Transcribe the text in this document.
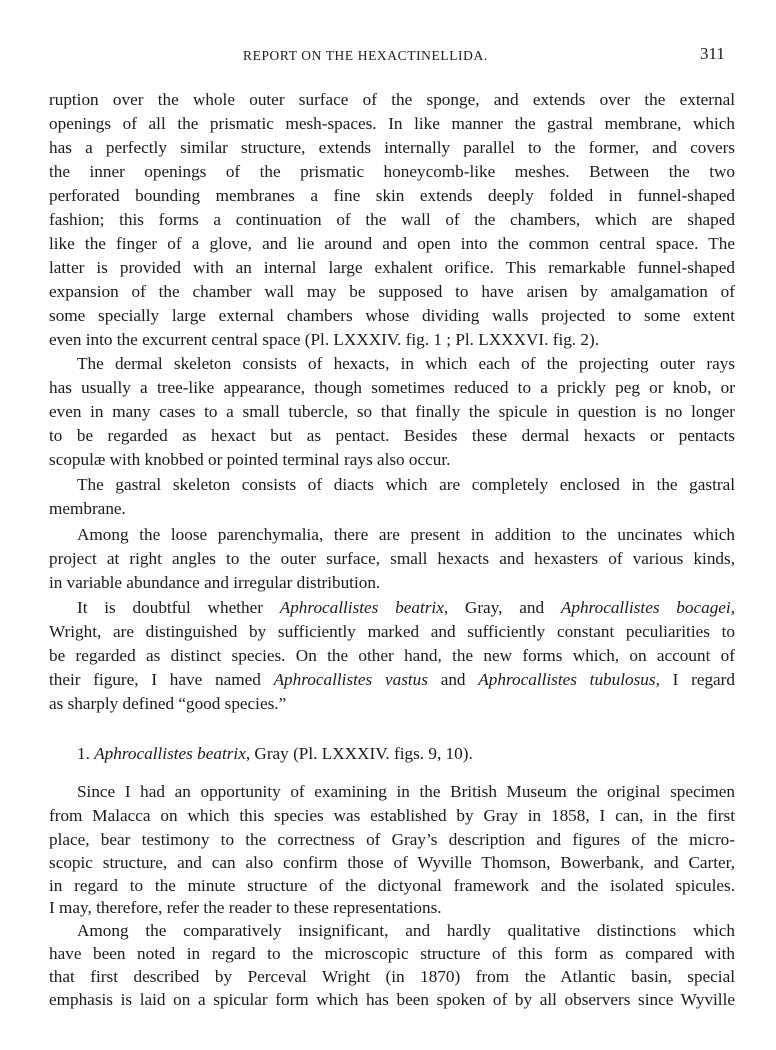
REPORT ON THE HEXACTINELLIDA.	311
ruption over the whole outer surface of the sponge, and extends over the external
openings of all the prismatic mesh-spaces. In like manner the gastral membrane, which
has a perfectly similar structure, extends internally parallel to the former, and covers
the inner openings of the prismatic honeycomb-like meshes. Between the two
perforated bounding membranes a fine skin extends deeply folded in funnel-shaped
fashion; this forms a continuation of the wall of the chambers, which are shaped
like the finger of a glove, and lie around and open into the common central space. The
latter is provided with an internal large exhalent orifice. This remarkable funnel-shaped
expansion of the chamber wall may be supposed to have arisen by amalgamation of
some specially large external chambers whose dividing walls projected to some extent
even into the excurrent central space (Pl. LXXXIV. fig. 1 ; Pl. LXXXVI. fig. 2).
The dermal skeleton consists of hexacts, in which each of the projecting outer rays
has usually a tree-like appearance, though sometimes reduced to a prickly peg or knob, or
even in many cases to a small tubercle, so that finally the spicule in question is no longer
to be regarded as hexact but as pentact. Besides these dermal hexacts or pentacts
scopulæ with knobbed or pointed terminal rays also occur.
The gastral skeleton consists of diacts which are completely enclosed in the gastral
membrane.
Among the loose parenchymalia, there are present in addition to the uncinates which
project at right angles to the outer surface, small hexacts and hexasters of various kinds,
in variable abundance and irregular distribution.
It is doubtful whether Aphrocallistes beatrix, Gray, and Aphrocallistes bocagei,
Wright, are distinguished by sufficiently marked and sufficiently constant peculiarities to
be regarded as distinct species. On the other hand, the new forms which, on account of
their figure, I have named Aphrocallistes vastus and Aphrocallistes tubulosus, I regard
as sharply defined “good species.”
1. Aphrocallistes beatrix, Gray (Pl. LXXXIV. figs. 9, 10).
Since I had an opportunity of examining in the British Museum the original specimen
from Malacca on which this species was established by Gray in 1858, I can, in the first
place, bear testimony to the correctness of Gray’s description and figures of the micro-
scopic structure, and can also confirm those of Wyville Thomson, Bowerbank, and Carter,
in regard to the minute structure of the dictyonal framework and the isolated spicules.
I may, therefore, refer the reader to these representations.
Among the comparatively insignificant, and hardly qualitative distinctions which
have been noted in regard to the microscopic structure of this form as compared with
that first described by Perceval Wright (in 1870) from the Atlantic basin, special
emphasis is laid on a spicular form which has been spoken of by all observers since Wyville
